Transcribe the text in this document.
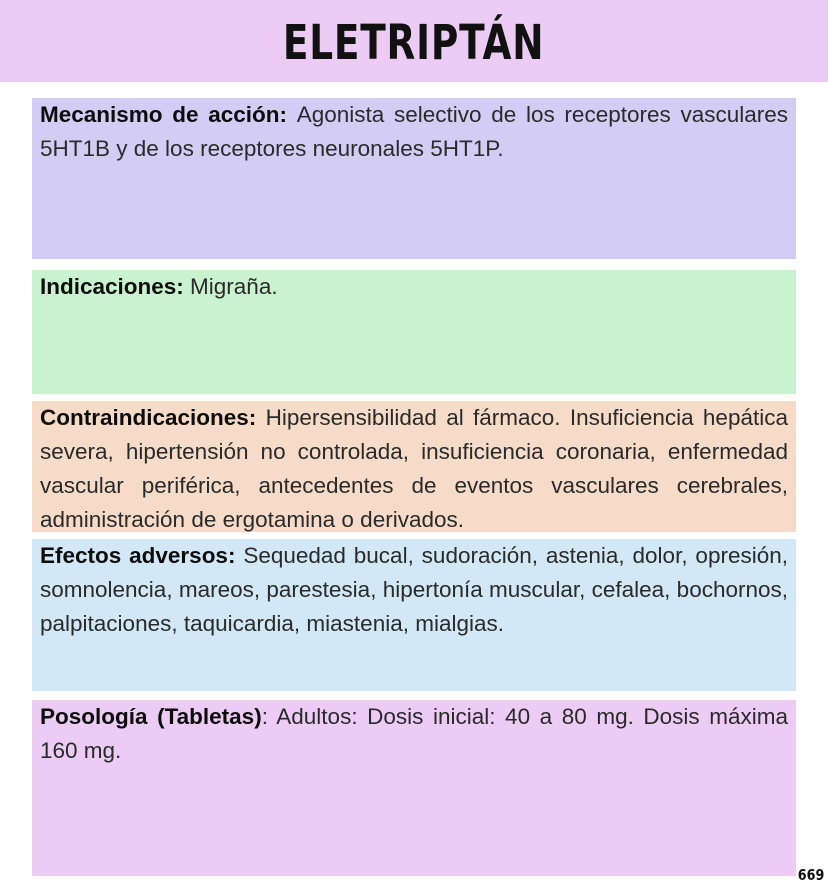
ELETRIPTÁN
Mecanismo de acción: Agonista selectivo de los receptores vasculares 5HT1B y de los receptores neuronales 5HT1P.
Indicaciones: Migraña.
Contraindicaciones: Hipersensibilidad al fármaco. Insuficiencia hepática severa, hipertensión no controlada, insuficiencia coronaria, enfermedad vascular periférica, antecedentes de eventos vasculares cerebrales, administración de ergotamina o derivados.
Efectos adversos: Sequedad bucal, sudoración, astenia, dolor, opresión, somnolencia, mareos, parestesia, hipertonía muscular, cefalea, bochornos, palpitaciones, taquicardia, miastenia, mialgias.
Posología (Tabletas): Adultos: Dosis inicial: 40 a 80 mg. Dosis máxima 160 mg.
669
